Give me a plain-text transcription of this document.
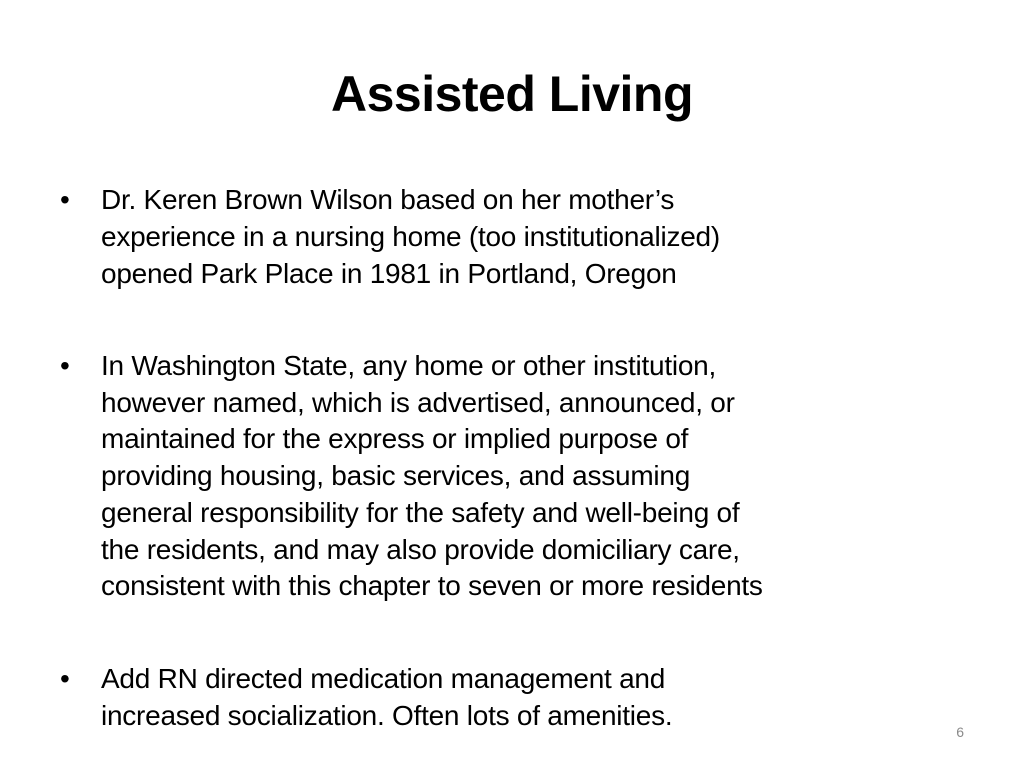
Assisted Living
• Dr. Keren Brown Wilson based on her mother’s
experience in a nursing home (too institutionalized)
opened Park Place in 1981 in Portland, Oregon
• In Washington State, any home or other institution,
however named, which is advertised, announced, or
maintained for the express or implied purpose of
providing housing, basic services, and assuming
general responsibility for the safety and well-being of
the residents, and may also provide domiciliary care,
consistent with this chapter to seven or more residents
• Add RN directed medication management and
increased socialization. Often lots of amenities.
6
